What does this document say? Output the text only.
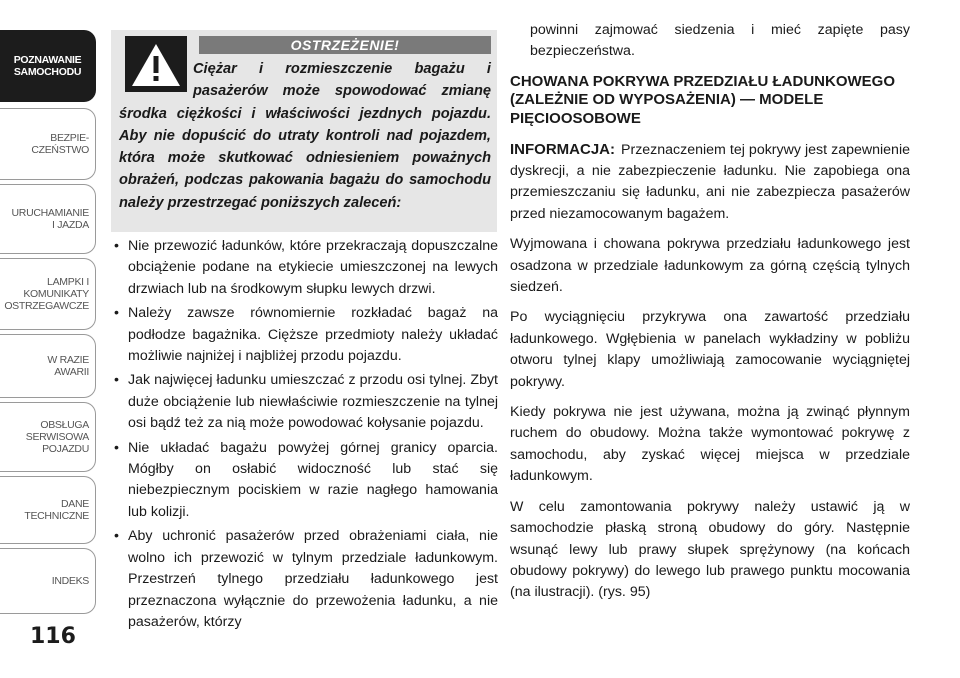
POZNAWANIE
SAMOCHODU
BEZPIE-
CZEŃSTWO
URUCHAMIANIE
I JAZDA
LAMPKI I
KOMUNIKATY
OSTRZEGAWCZE
W RAZIE
AWARII
OBSŁUGA
SERWISOWA
POJAZDU
DANE
TECHNICZNE
INDEKS
116
OSTRZEŻENIE!
Ciężar i rozmieszczenie bagażu i pasażerów może spowodować zmianę środka ciężkości i właściwości jezdnych pojazdu. Aby nie dopuścić do utraty kontroli nad pojazdem, która może skutkować odniesieniem poważnych obrażeń, podczas pakowania bagażu do samochodu należy przestrzegać poniższych zaleceń:
• Nie przewozić ładunków, które przekraczają dopuszczalne obciążenie podane na etykiecie umieszczonej na lewych drzwiach lub na środkowym słupku lewych drzwi.
• Należy zawsze równomiernie rozkładać bagaż na podłodze bagażnika. Cięższe przedmioty należy układać możliwie najniżej i najbliżej przodu pojazdu.
• Jak najwięcej ładunku umieszczać z przodu osi tylnej. Zbyt duże obciążenie lub niewłaściwie rozmieszczenie na tylnej osi bądź też za nią może powodować kołysanie pojazdu.
• Nie układać bagażu powyżej górnej granicy oparcia. Mógłby on osłabić widoczność lub stać się niebezpiecznym pociskiem w razie nagłego hamowania lub kolizji.
• Aby uchronić pasażerów przed obrażeniami ciała, nie wolno ich przewozić w tylnym przedziale ładunkowym. Przestrzeń tylnego przedziału ładunkowego jest przeznaczona wyłącznie do przewożenia ładunku, a nie pasażerów, którzy

powinni zajmować siedzenia i mieć zapięte pasy bezpieczeństwa.

CHOWANA POKRYWA PRZEDZIAŁU ŁADUNKOWEGO (ZALEŻNIE OD WYPOSAŻENIA) — MODELE PIĘCIOOSOBOWE

INFORMACJA: Przeznaczeniem tej pokrywy jest zapewnienie dyskrecji, a nie zabezpieczenie ładunku. Nie zapobiega ona przemieszczaniu się ładunku, ani nie zabezpiecza pasażerów przed niezamocowanym bagażem.

Wyjmowana i chowana pokrywa przedziału ładunkowego jest osadzona w przedziale ładunkowym za górną częścią tylnych siedzeń.

Po wyciągnięciu przykrywa ona zawartość przedziału ładunkowego. Wgłębienia w panelach wykładziny w pobliżu otworu tylnej klapy umożliwiają zamocowanie wyciągniętej pokrywy.

Kiedy pokrywa nie jest używana, można ją zwinąć płynnym ruchem do obudowy. Można także wymontować pokrywę z samochodu, aby zyskać więcej miejsca w przedziale ładunkowym.

W celu zamontowania pokrywy należy ustawić ją w samochodzie płaską stroną obudowy do góry. Następnie wsunąć lewy lub prawy słupek sprężynowy (na końcach obudowy pokrywy) do lewego lub prawego punktu mocowania (na ilustracji). (rys. 95)
